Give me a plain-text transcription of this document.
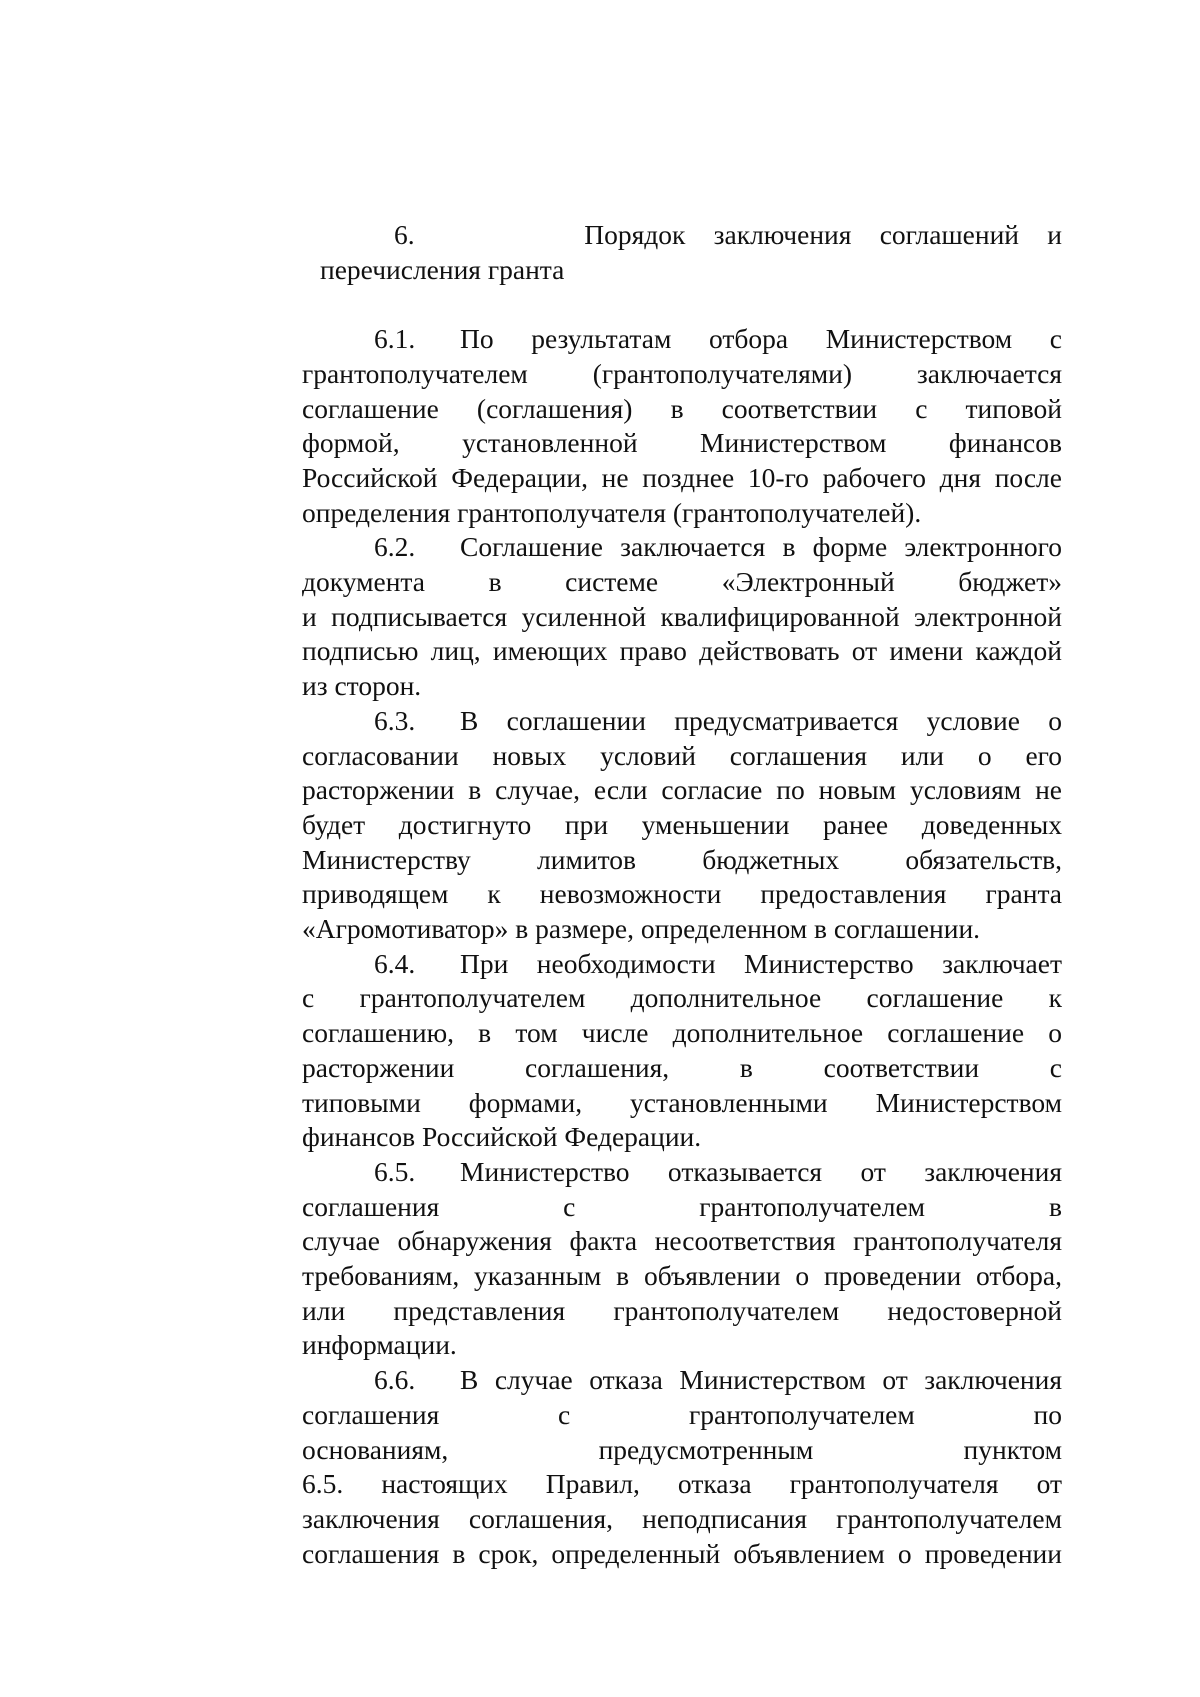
6.      Порядок заключения соглашений и
перечисления гранта
6.1. По результатам отбора Министерством с
грантополучателем (грантополучателями) заключается
соглашение (соглашения) в соответствии с типовой
формой, установленной Министерством финансов
Российской Федерации, не позднее 10-го рабочего дня после
определения грантополучателя (грантополучателей).
6.2. Соглашение заключается в форме электронного
документа в системе «Электронный бюджет»
и подписывается усиленной квалифицированной электронной
подписью лиц, имеющих право действовать от имени каждой
из сторон.
6.3. В соглашении предусматривается условие о
согласовании новых условий соглашения или о его
расторжении в случае, если согласие по новым условиям не
будет достигнуто при уменьшении ранее доведенных
Министерству лимитов бюджетных обязательств,
приводящем к невозможности предоставления гранта
«Агромотиватор» в размере, определенном в соглашении.
6.4. При необходимости Министерство заключает
с грантополучателем дополнительное соглашение к
соглашению, в том числе дополнительное соглашение о
расторжении соглашения, в соответствии с
типовыми формами, установленными Министерством
финансов Российской Федерации.
6.5. Министерство отказывается от заключения
соглашения с грантополучателем в
случае обнаружения факта несоответствия грантополучателя
требованиям, указанным в объявлении о проведении отбора,
или представления грантополучателем недостоверной
информации.
6.6. В случае отказа Министерством от заключения
соглашения с грантополучателем по
основаниям, предусмотренным пунктом
6.5. настоящих Правил, отказа грантополучателя от
заключения соглашения, неподписания грантополучателем
соглашения в срок, определенный объявлением о проведении
